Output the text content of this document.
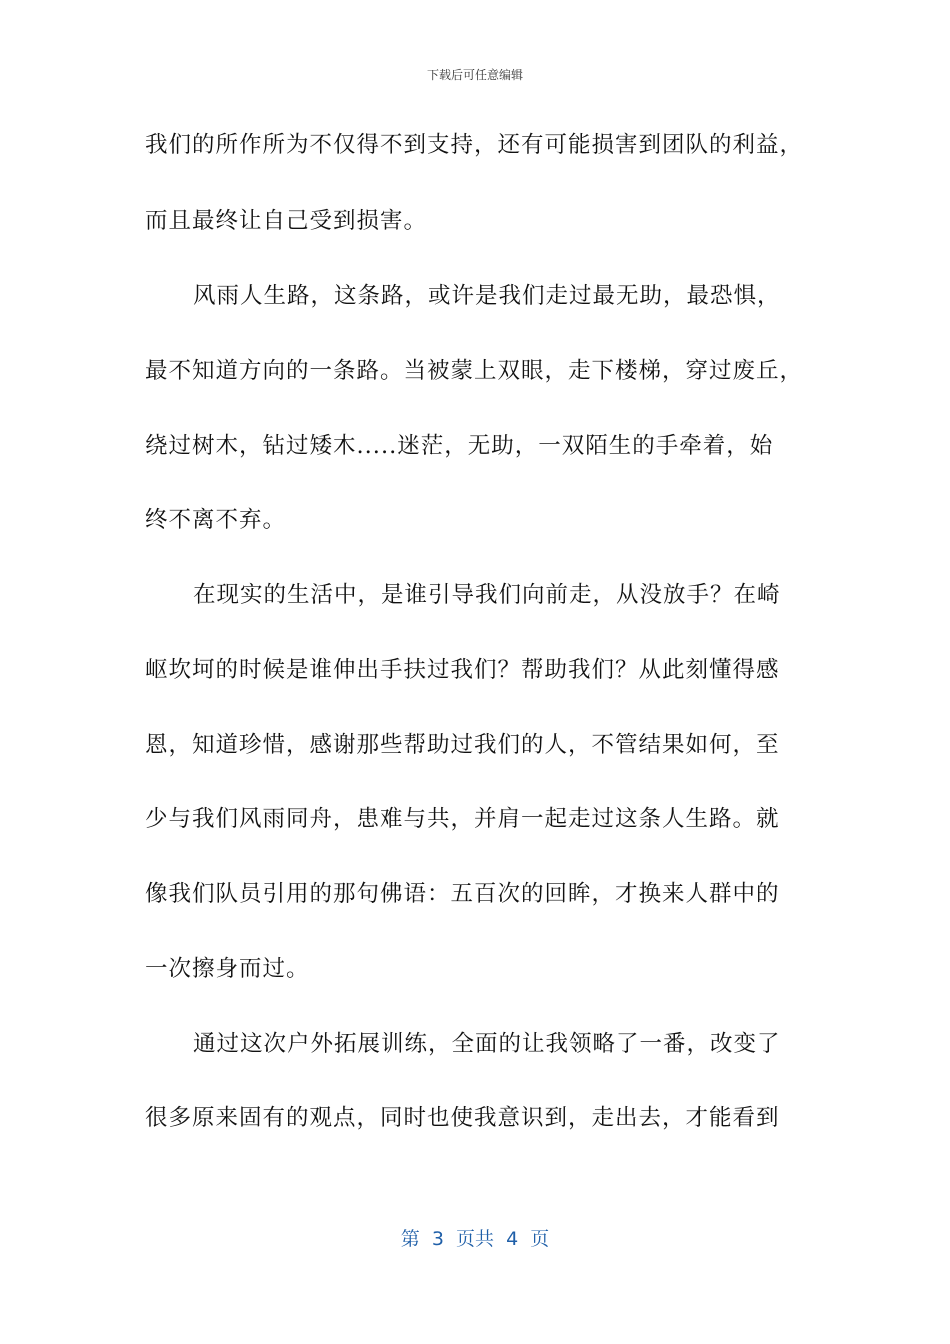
下载后可任意编辑
我们的所作所为不仅得不到支持，还有可能损害到团队的利益，
而且最终让自己受到损害。
风雨人生路，这条路，或许是我们走过最无助，最恐惧，
最不知道方向的一条路。当被蒙上双眼，走下楼梯，穿过废丘，
绕过树木，钻过矮木.....迷茫，无助，一双陌生的手牵着，始
终不离不弃。
在现实的生活中，是谁引导我们向前走，从没放手？在崎
岖坎坷的时候是谁伸出手扶过我们？帮助我们？从此刻懂得感
恩，知道珍惜，感谢那些帮助过我们的人，不管结果如何，至
少与我们风雨同舟，患难与共，并肩一起走过这条人生路。就
像我们队员引用的那句佛语：五百次的回眸，才换来人群中的
一次擦身而过。
通过这次户外拓展训练，全面的让我领略了一番，改变了
很多原来固有的观点，同时也使我意识到，走出去，才能看到
第  3  页共  4  页
